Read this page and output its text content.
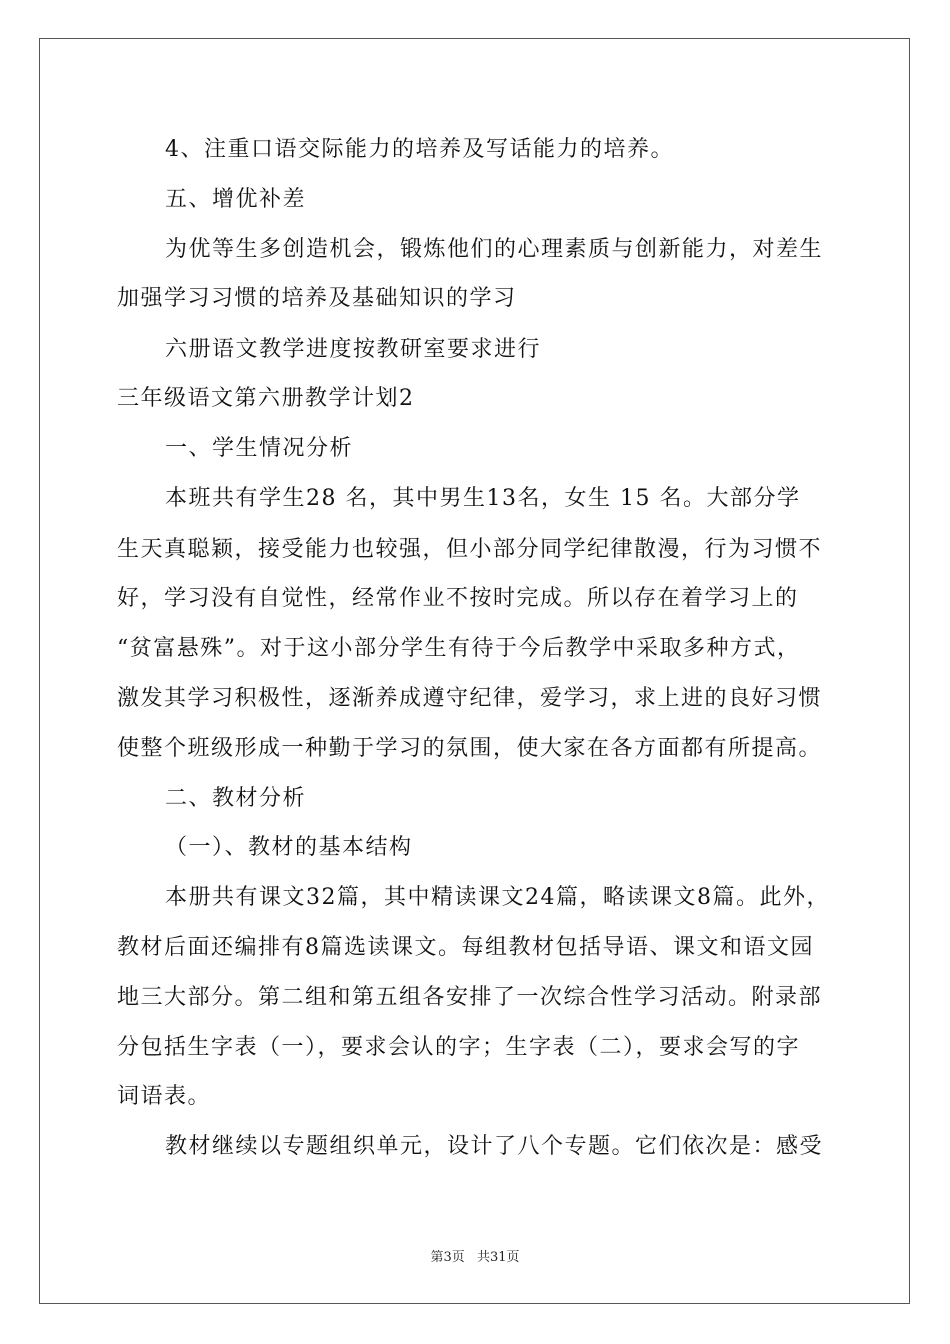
4、注重口语交际能力的培养及写话能力的培养。
五、增优补差
为优等生多创造机会，锻炼他们的心理素质与创新能力，对差生
加强学习习惯的培养及基础知识的学习
六册语文教学进度按教研室要求进行
三年级语文第六册教学计划2
一、学生情况分析
本班共有学生28 名，其中男生13名，女生 15 名。大部分学
生天真聪颖，接受能力也较强，但小部分同学纪律散漫，行为习惯不
好，学习没有自觉性，经常作业不按时完成。所以存在着学习上的
“贫富悬殊”。对于这小部分学生有待于今后教学中采取多种方式，
激发其学习积极性，逐渐养成遵守纪律，爱学习，求上进的良好习惯
使整个班级形成一种勤于学习的氛围，使大家在各方面都有所提高。
二、教材分析
（一）、教材的基本结构
本册共有课文32篇，其中精读课文24篇，略读课文8篇。此外，
教材后面还编排有8篇选读课文。每组教材包括导语、课文和语文园
地三大部分。第二组和第五组各安排了一次综合性学习活动。附录部
分包括生字表（一），要求会认的字；生字表（二），要求会写的字
词语表。
教材继续以专题组织单元，设计了八个专题。它们依次是：感受
第3页 共31页
